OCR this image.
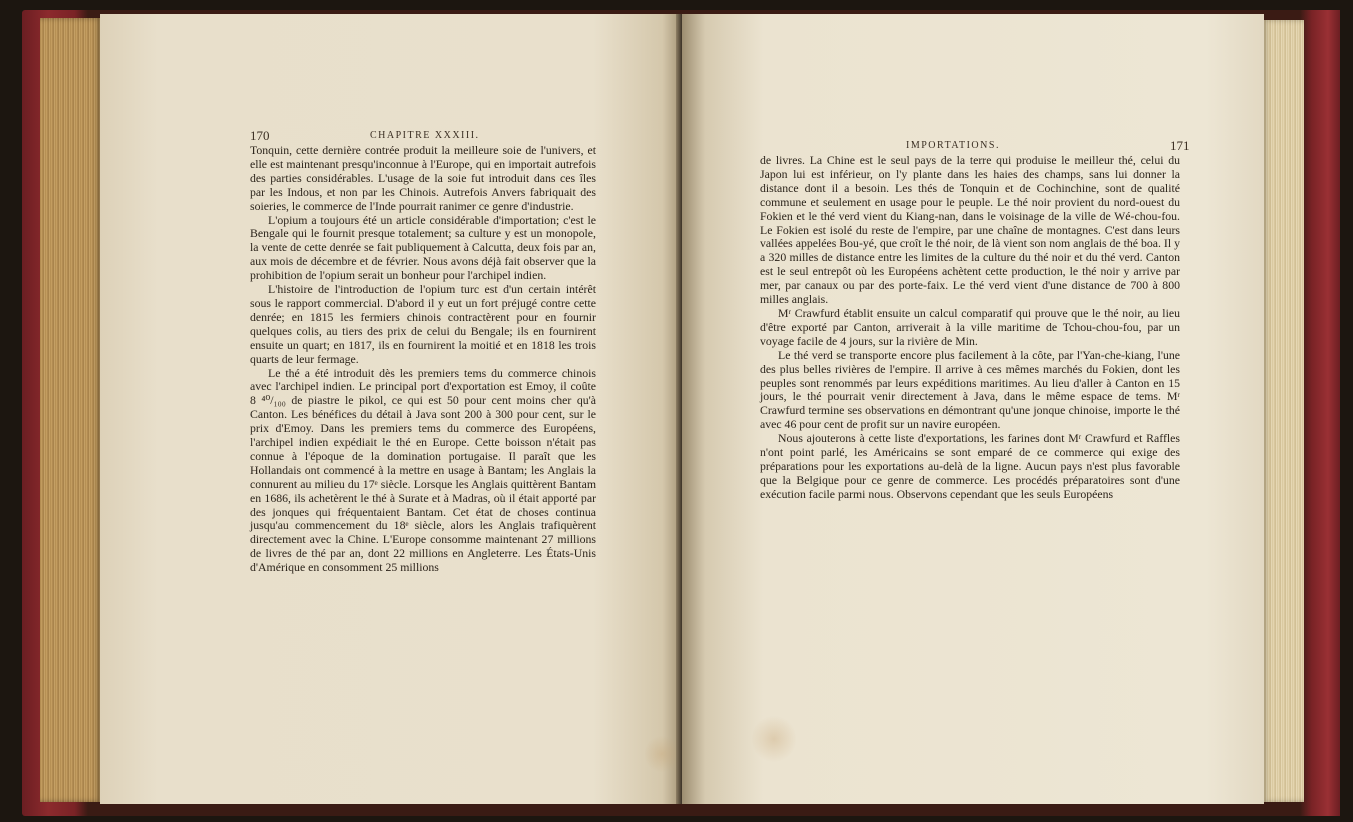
170	CHAPITRE XXXIII.

Tonquin, cette dernière contrée produit la meilleure soie de l'univers, et elle est maintenant presqu'inconnue à l'Europe, qui en importait autrefois des parties considérables. L'usage de la soie fut introduit dans ces îles par les Indous, et non par les Chinois. Autrefois Anvers fabriquait des soieries, le commerce de l'Inde pourrait ranimer ce genre d'industrie.

L'opium a toujours été un article considérable d'importation; c'est le Bengale qui le fournit presque totalement; sa culture y est un monopole, la vente de cette denrée se fait publiquement à Calcutta, deux fois par an, aux mois de décembre et de février. Nous avons déjà fait observer que la prohibition de l'opium serait un bonheur pour l'archipel indien.

L'histoire de l'introduction de l'opium turc est d'un certain intérêt sous le rapport commercial. D'abord il y eut un fort préjugé contre cette denrée; en 1815 les fermiers chinois contractèrent pour en fournir quelques colis, au tiers des prix de celui du Bengale; ils en fournirent ensuite un quart; en 1817, ils en fournirent la moitié et en 1818 les trois quarts de leur fermage.

Le thé a été introduit dès les premiers tems du commerce chinois avec l'archipel indien. Le principal port d'exportation est Emoy, il coûte 8 ⁴⁰/₁₀₀ de piastre le pikol, ce qui est 50 pour cent moins cher qu'à Canton. Les bénéfices du détail à Java sont 200 à 300 pour cent, sur le prix d'Emoy. Dans les premiers tems du commerce des Européens, l'archipel indien expédiait le thé en Europe. Cette boisson n'était pas connue à l'époque de la domination portugaise. Il paraît que les Hollandais ont commencé à la mettre en usage à Bantam; les Anglais la connurent au milieu du 17ᵉ siècle. Lorsque les Anglais quittèrent Bantam en 1686, ils achetèrent le thé à Surate et à Madras, où il était apporté par des jonques qui fréquentaient Bantam. Cet état de choses continua jusqu'au commencement du 18ᵉ siècle, alors les Anglais trafiquèrent directement avec la Chine. L'Europe consomme maintenant 27 millions de livres de thé par an, dont 22 millions en Angleterre. Les États-Unis d'Amérique en consomment 25 millions

IMPORTATIONS.	171

de livres. La Chine est le seul pays de la terre qui produise le meilleur thé, celui du Japon lui est inférieur, on l'y plante dans les haies des champs, sans lui donner la distance dont il a besoin. Les thés de Tonquin et de Cochinchine, sont de qualité commune et seulement en usage pour le peuple. Le thé noir provient du nord-ouest du Fokien et le thé verd vient du Kiang-nan, dans le voisinage de la ville de Wé-chou-fou. Le Fokien est isolé du reste de l'empire, par une chaîne de montagnes. C'est dans leurs vallées appelées Bou-yé, que croît le thé noir, de là vient son nom anglais de thé boa. Il y a 320 milles de distance entre les limites de la culture du thé noir et du thé verd. Canton est le seul entrepôt où les Européens achètent cette production, le thé noir y arrive par mer, par canaux ou par des porte-faix. Le thé verd vient d'une distance de 700 à 800 milles anglais.

Mʳ Crawfurd établit ensuite un calcul comparatif qui prouve que le thé noir, au lieu d'être exporté par Canton, arriverait à la ville maritime de Tchou-chou-fou, par un voyage facile de 4 jours, sur la rivière de Min.

Le thé verd se transporte encore plus facilement à la côte, par l'Yan-che-kiang, l'une des plus belles rivières de l'empire. Il arrive à ces mêmes marchés du Fokien, dont les peuples sont renommés par leurs expéditions maritimes. Au lieu d'aller à Canton en 15 jours, le thé pourrait venir directement à Java, dans le même espace de tems. Mʳ Crawfurd termine ses observations en démontrant qu'une jonque chinoise, importe le thé avec 46 pour cent de profit sur un navire européen.

Nous ajouterons à cette liste d'exportations, les farines dont Mʳ Crawfurd et Raffles n'ont point parlé, les Américains se sont emparé de ce commerce qui exige des préparations pour les exportations au-delà de la ligne. Aucun pays n'est plus favorable que la Belgique pour ce genre de commerce. Les procédés préparatoires sont d'une exécution facile parmi nous. Observons cependant que les seuls Européens
